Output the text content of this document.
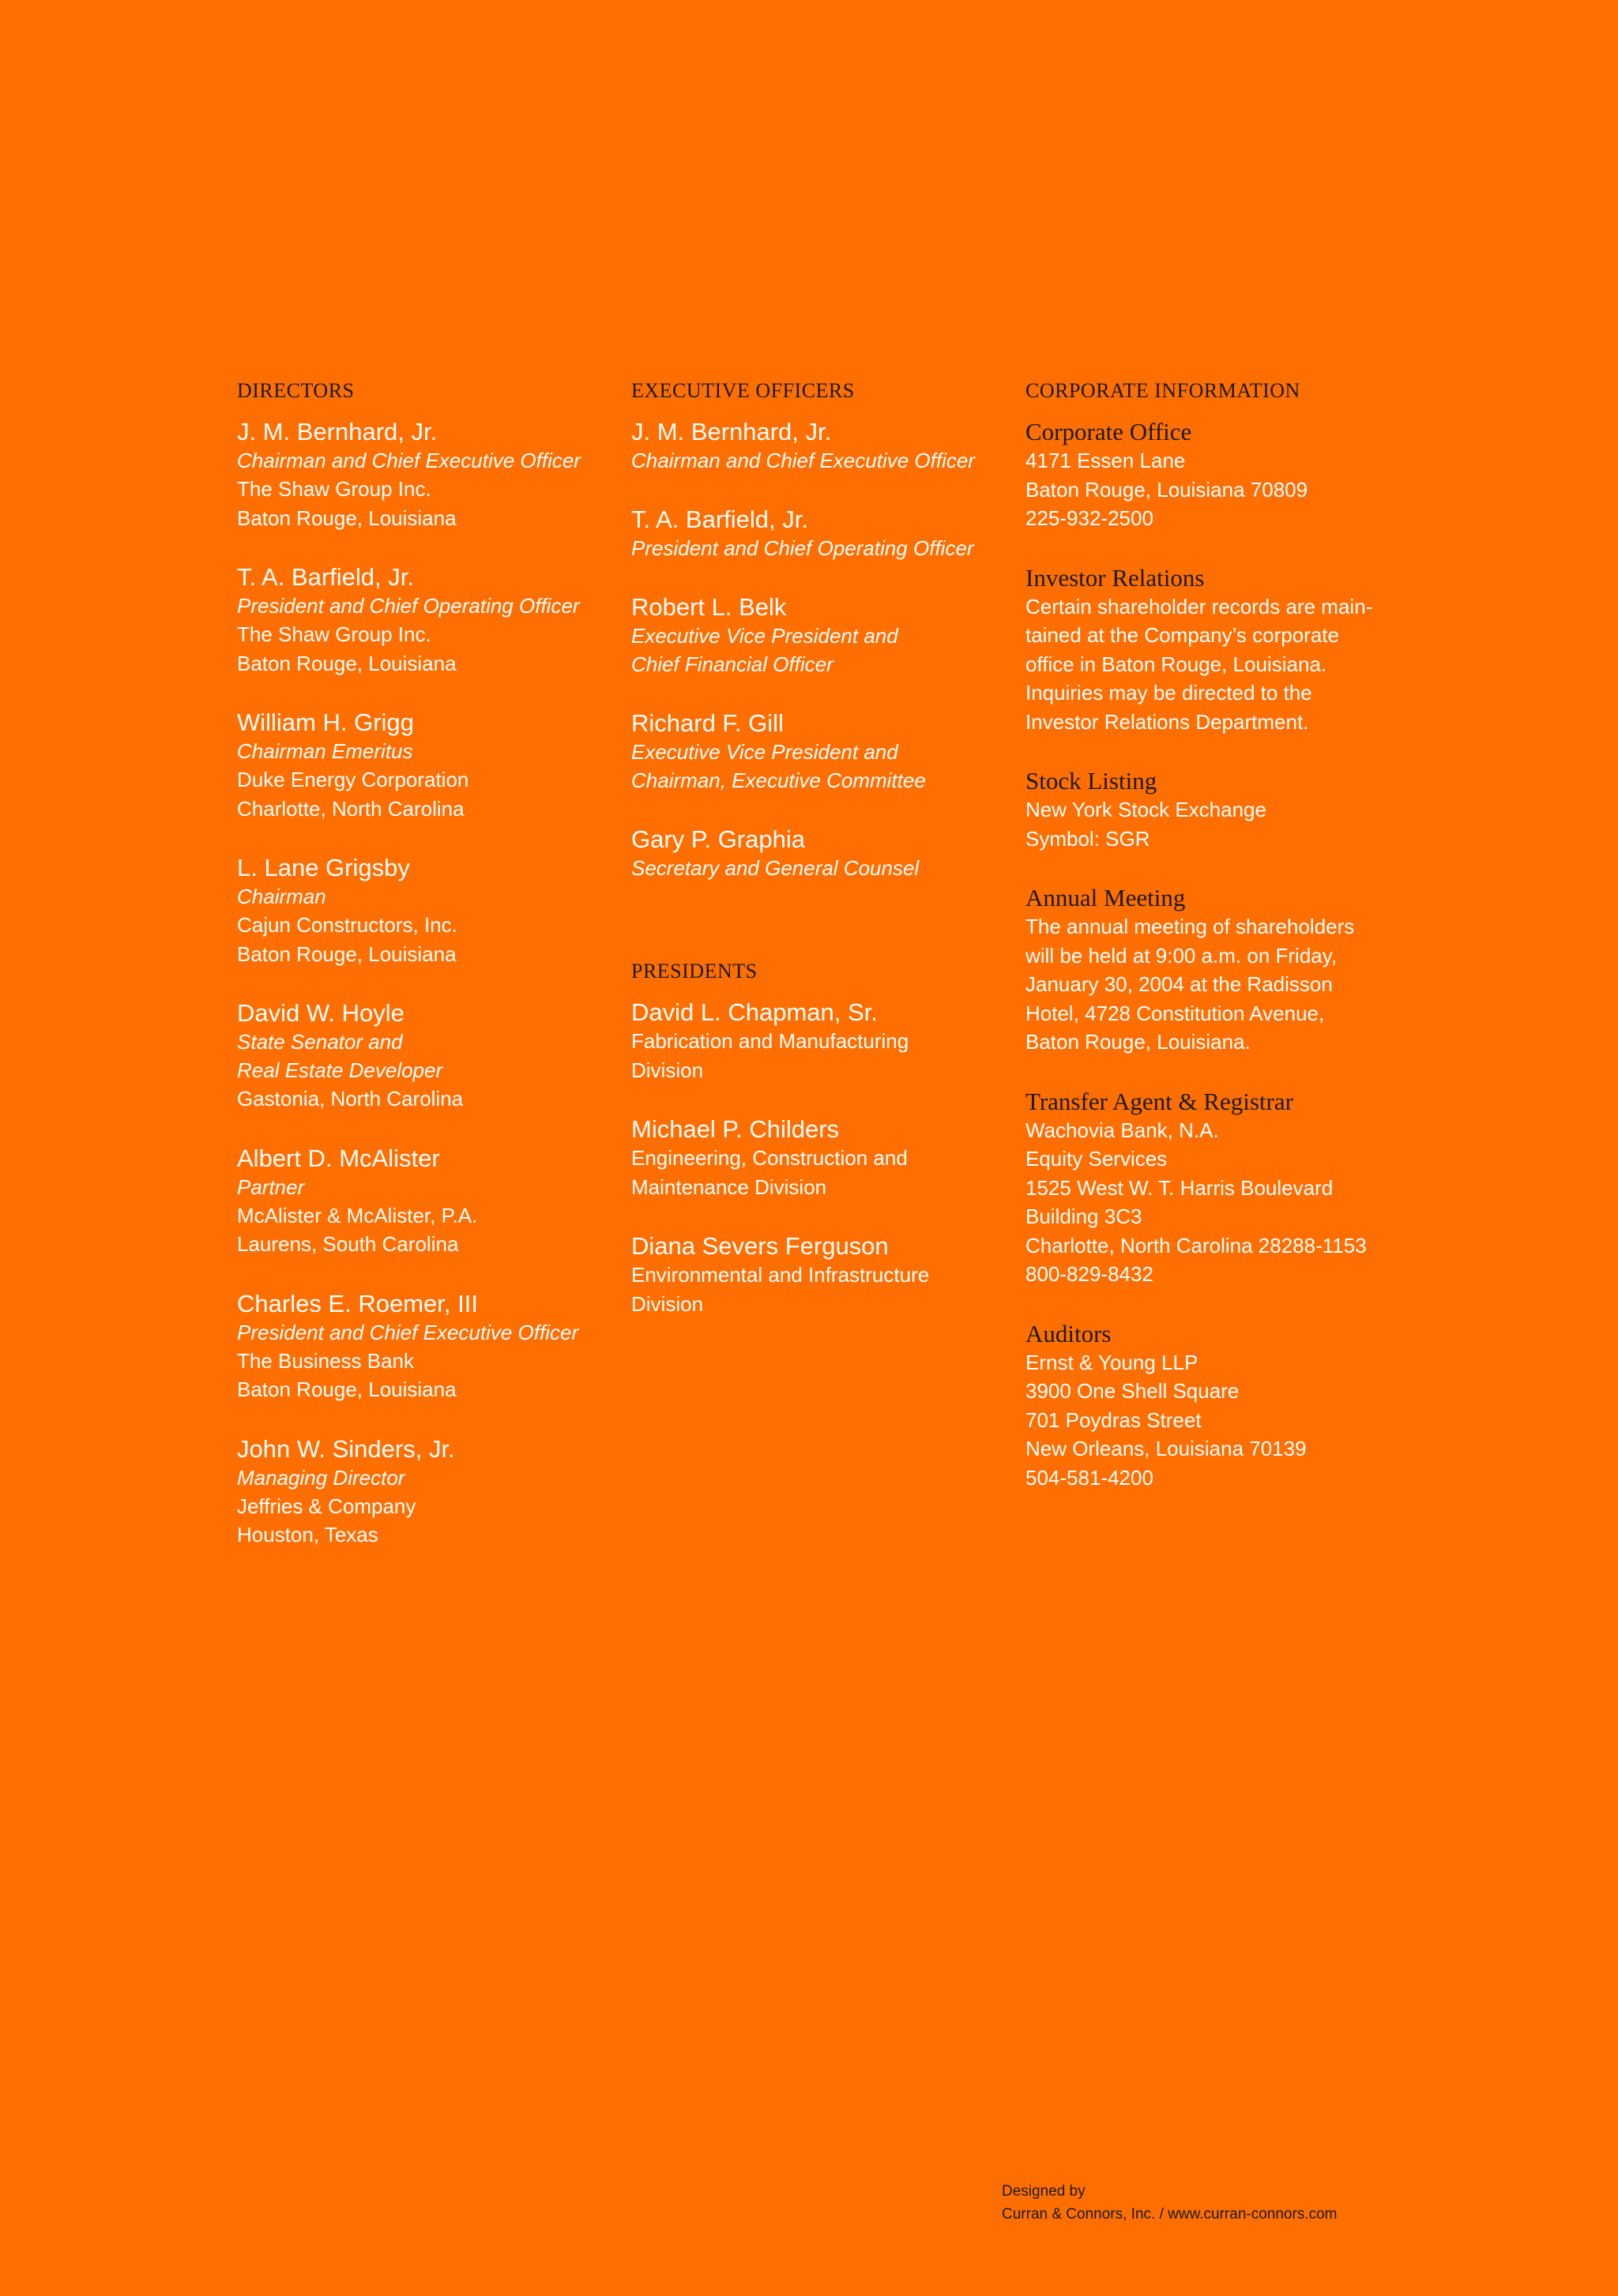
DIRECTORS
J. M. Bernhard, Jr.
Chairman and Chief Executive Officer
The Shaw Group Inc.
Baton Rouge, Louisiana
T. A. Barfield, Jr.
President and Chief Operating Officer
The Shaw Group Inc.
Baton Rouge, Louisiana
William H. Grigg
Chairman Emeritus
Duke Energy Corporation
Charlotte, North Carolina
L. Lane Grigsby
Chairman
Cajun Constructors, Inc.
Baton Rouge, Louisiana
David W. Hoyle
State Senator and
Real Estate Developer
Gastonia, North Carolina
Albert D. McAlister
Partner
McAlister & McAlister, P.A.
Laurens, South Carolina
Charles E. Roemer, III
President and Chief Executive Officer
The Business Bank
Baton Rouge, Louisiana
John W. Sinders, Jr.
Managing Director
Jeffries & Company
Houston, Texas
EXECUTIVE OFFICERS
J. M. Bernhard, Jr.
Chairman and Chief Executive Officer
T. A. Barfield, Jr.
President and Chief Operating Officer
Robert L. Belk
Executive Vice President and
Chief Financial Officer
Richard F. Gill
Executive Vice President and
Chairman, Executive Committee
Gary P. Graphia
Secretary and General Counsel
PRESIDENTS
David L. Chapman, Sr.
Fabrication and Manufacturing
Division
Michael P. Childers
Engineering, Construction and
Maintenance Division
Diana Severs Ferguson
Environmental and Infrastructure
Division
CORPORATE INFORMATION
Corporate Office
4171 Essen Lane
Baton Rouge, Louisiana 70809
225-932-2500
Investor Relations
Certain shareholder records are main-
tained at the Company’s corporate
office in Baton Rouge, Louisiana.
Inquiries may be directed to the
Investor Relations Department.
Stock Listing
New York Stock Exchange
Symbol: SGR
Annual Meeting
The annual meeting of shareholders
will be held at 9:00 a.m. on Friday,
January 30, 2004 at the Radisson
Hotel, 4728 Constitution Avenue,
Baton Rouge, Louisiana.
Transfer Agent & Registrar
Wachovia Bank, N.A.
Equity Services
1525 West W. T. Harris Boulevard
Building 3C3
Charlotte, North Carolina 28288-1153
800-829-8432
Auditors
Ernst & Young LLP
3900 One Shell Square
701 Poydras Street
New Orleans, Louisiana 70139
504-581-4200
Designed by
Curran & Connors, Inc. / www.curran-connors.com
